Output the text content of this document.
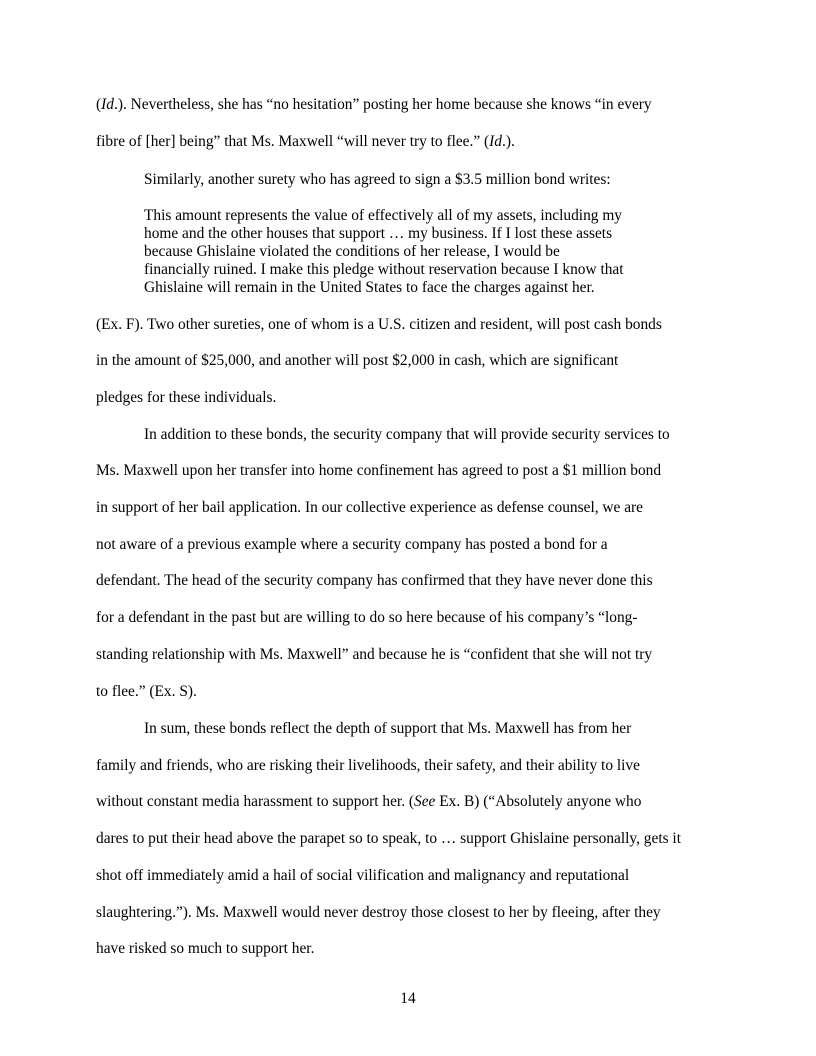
(Id.). Nevertheless, she has “no hesitation” posting her home because she knows “in every
fibre of [her] being” that Ms. Maxwell “will never try to flee.” (Id.).
Similarly, another surety who has agreed to sign a $3.5 million bond writes:
This amount represents the value of effectively all of my assets, including my
home and the other houses that support … my business. If I lost these assets
because Ghislaine violated the conditions of her release, I would be
financially ruined. I make this pledge without reservation because I know that
Ghislaine will remain in the United States to face the charges against her.
(Ex. F). Two other sureties, one of whom is a U.S. citizen and resident, will post cash bonds
in the amount of $25,000, and another will post $2,000 in cash, which are significant
pledges for these individuals.
In addition to these bonds, the security company that will provide security services to
Ms. Maxwell upon her transfer into home confinement has agreed to post a $1 million bond
in support of her bail application. In our collective experience as defense counsel, we are
not aware of a previous example where a security company has posted a bond for a
defendant. The head of the security company has confirmed that they have never done this
for a defendant in the past but are willing to do so here because of his company’s “long-
standing relationship with Ms. Maxwell” and because he is “confident that she will not try
to flee.” (Ex. S).
In sum, these bonds reflect the depth of support that Ms. Maxwell has from her
family and friends, who are risking their livelihoods, their safety, and their ability to live
without constant media harassment to support her. (See Ex. B) (“Absolutely anyone who
dares to put their head above the parapet so to speak, to … support Ghislaine personally, gets it
shot off immediately amid a hail of social vilification and malignancy and reputational
slaughtering.”). Ms. Maxwell would never destroy those closest to her by fleeing, after they
have risked so much to support her.
14
